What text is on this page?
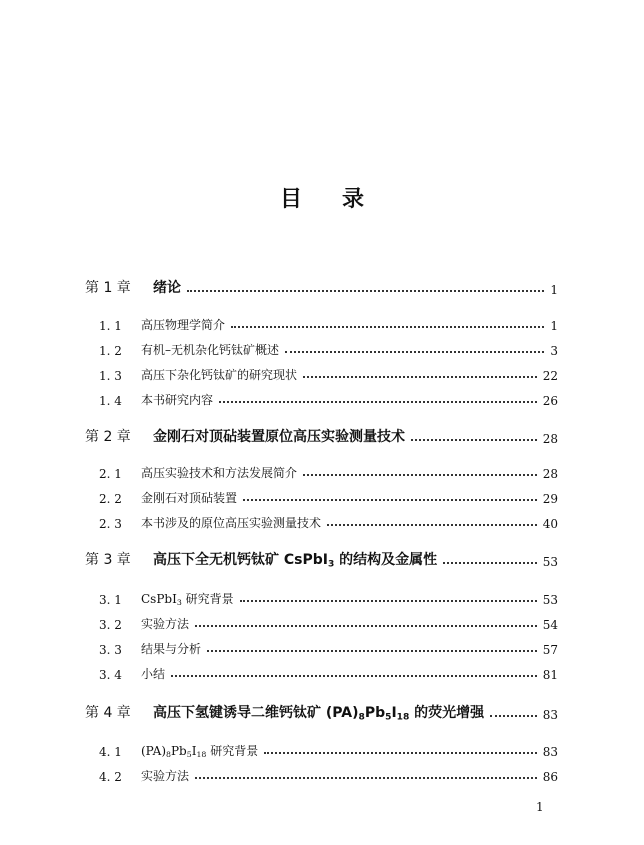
目 录
第 1 章	绪论	1
1. 1	高压物理学简介	1
1. 2	有机–无机杂化钙钛矿概述	3
1. 3	高压下杂化钙钛矿的研究现状	22
1. 4	本书研究内容	26
第 2 章	金刚石对顶砧装置原位高压实验测量技术	28
2. 1	高压实验技术和方法发展简介	28
2. 2	金刚石对顶砧装置	29
2. 3	本书涉及的原位高压实验测量技术	40
第 3 章	高压下全无机钙钛矿 CsPbI$_3$ 的结构及金属性	53
3. 1	CsPbI$_3$ 研究背景	53
3. 2	实验方法	54
3. 3	结果与分析	57
3. 4	小结	81
第 4 章	高压下氢键诱导二维钙钛矿 $(PA)_8Pb_5I_{18}$ 的荧光增强	83
4. 1	$(PA)_8Pb_5I_{18}$ 研究背景	83
4. 2	实验方法	86
1
